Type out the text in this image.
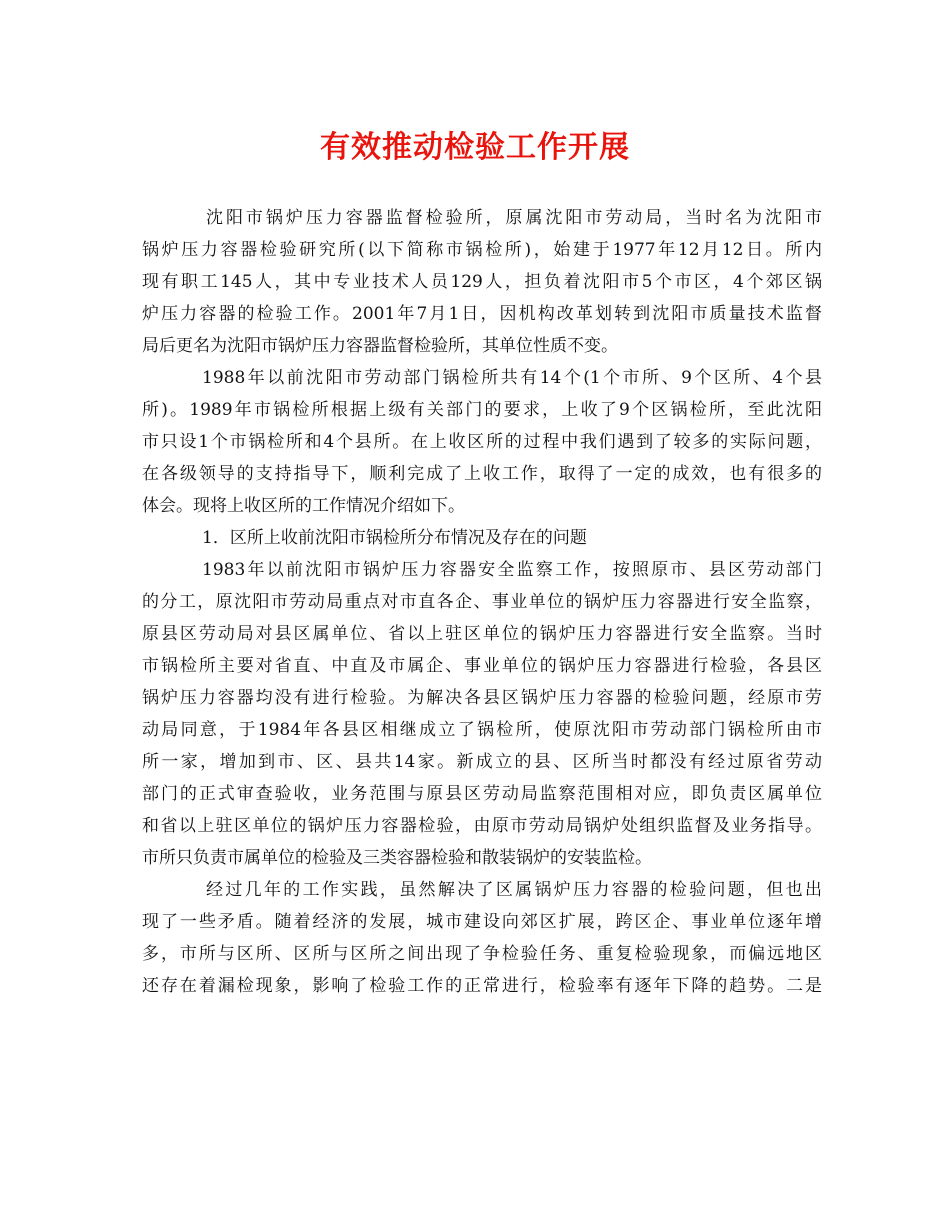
有效推动检验工作开展
沈阳市锅炉压力容器监督检验所，原属沈阳市劳动局，当时名为沈阳市
锅炉压力容器检验研究所(以下简称市锅检所)，始建于1977年12月12日。所内
现有职工145人，其中专业技术人员129人，担负着沈阳市5个市区，4个郊区锅
炉压力容器的检验工作。2001年7月1日，因机构改革划转到沈阳市质量技术监督
局后更名为沈阳市锅炉压力容器监督检验所，其单位性质不变。
1988年以前沈阳市劳动部门锅检所共有14个(1个市所、9个区所、4个县
所)。1989年市锅检所根据上级有关部门的要求，上收了9个区锅检所，至此沈阳
市只设1个市锅检所和4个县所。在上收区所的过程中我们遇到了较多的实际问题，
在各级领导的支持指导下，顺利完成了上收工作，取得了一定的成效，也有很多的
体会。现将上收区所的工作情况介绍如下。
1．区所上收前沈阳市锅检所分布情况及存在的问题
1983年以前沈阳市锅炉压力容器安全监察工作，按照原市、县区劳动部门
的分工，原沈阳市劳动局重点对市直各企、事业单位的锅炉压力容器进行安全监察，
原县区劳动局对县区属单位、省以上驻区单位的锅炉压力容器进行安全监察。当时
市锅检所主要对省直、中直及市属企、事业单位的锅炉压力容器进行检验，各县区
锅炉压力容器均没有进行检验。为解决各县区锅炉压力容器的检验问题，经原市劳
动局同意，于1984年各县区相继成立了锅检所，使原沈阳市劳动部门锅检所由市
所一家，增加到市、区、县共14家。新成立的县、区所当时都没有经过原省劳动
部门的正式审查验收，业务范围与原县区劳动局监察范围相对应，即负责区属单位
和省以上驻区单位的锅炉压力容器检验，由原市劳动局锅炉处组织监督及业务指导。
市所只负责市属单位的检验及三类容器检验和散装锅炉的安装监检。
经过几年的工作实践，虽然解决了区属锅炉压力容器的检验问题，但也出
现了一些矛盾。随着经济的发展，城市建设向郊区扩展，跨区企、事业单位逐年增
多，市所与区所、区所与区所之间出现了争检验任务、重复检验现象，而偏远地区
还存在着漏检现象，影响了检验工作的正常进行，检验率有逐年下降的趋势。二是
